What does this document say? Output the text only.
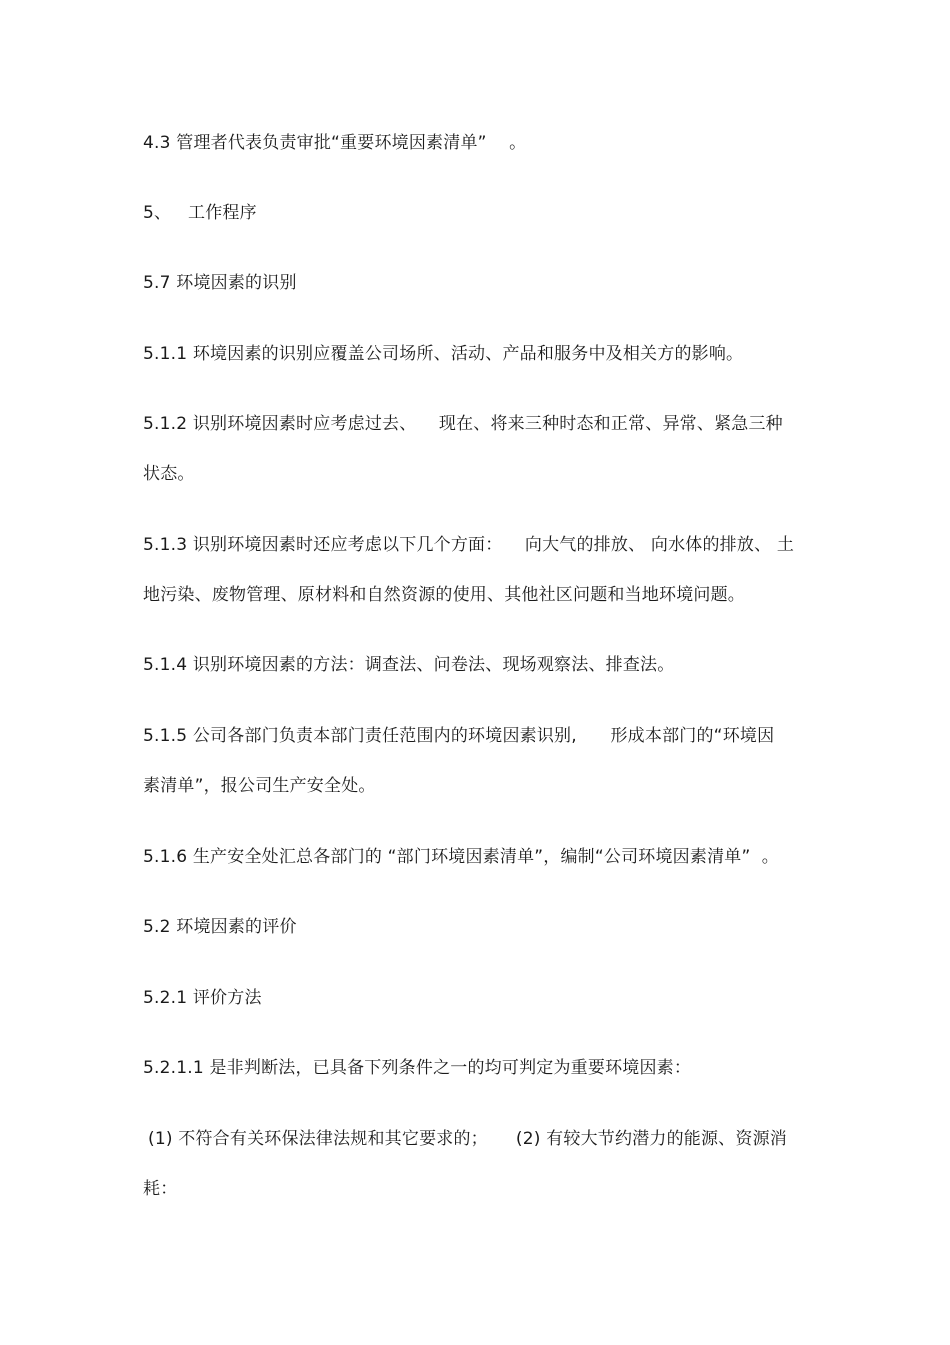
4.3 管理者代表负责审批“重要环境因素清单”    。
5、   工作程序
5.7 环境因素的识别
5.1.1 环境因素的识别应覆盖公司场所、活动、产品和服务中及相关方的影响。
5.1.2 识别环境因素时应考虑过去、    现在、将来三种时态和正常、异常、紧急三种
状态。
5.1.3 识别环境因素时还应考虑以下几个方面：    向大气的排放、 向水体的排放、 土
地污染、废物管理、原材料和自然资源的使用、其他社区问题和当地环境问题。
5.1.4 识别环境因素的方法：调查法、问卷法、现场观察法、排查法。
5.1.5 公司各部门负责本部门责任范围内的环境因素识别,      形成本部门的“环境因
素清单”，报公司生产安全处。
5.1.6 生产安全处汇总各部门的 “部门环境因素清单”，编制“公司环境因素清单”  。
5.2 环境因素的评价
5.2.1 评价方法
5.2.1.1 是非判断法，已具备下列条件之一的均可判定为重要环境因素：
(1) 不符合有关环保法律法规和其它要求的；     (2) 有较大节约潜力的能源、资源消
耗：
